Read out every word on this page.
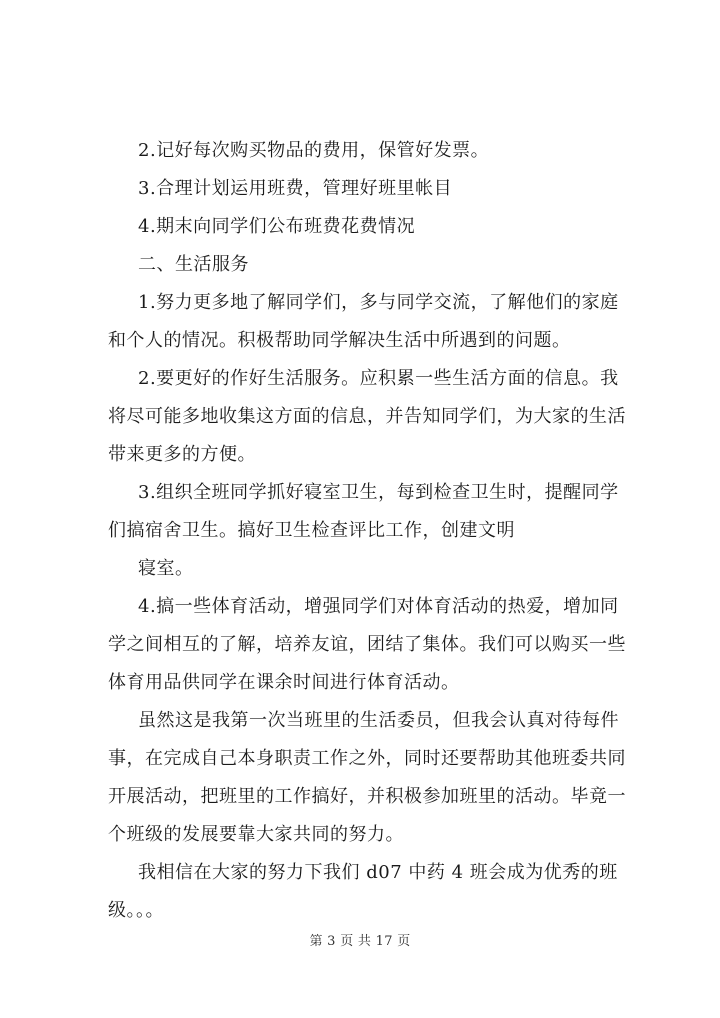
2.记好每次购买物品的费用，保管好发票。

3.合理计划运用班费，管理好班里帐目

4.期末向同学们公布班费花费情况

二、生活服务

1.努力更多地了解同学们，多与同学交流，了解他们的家庭

和个人的情况。积极帮助同学解决生活中所遇到的问题。

2.要更好的作好生活服务。应积累一些生活方面的信息。我

将尽可能多地收集这方面的信息，并告知同学们，为大家的生活

带来更多的方便。

3.组织全班同学抓好寝室卫生，每到检查卫生时，提醒同学

们搞宿舍卫生。搞好卫生检查评比工作，创建文明

寝室。

4.搞一些体育活动，增强同学们对体育活动的热爱，增加同

学之间相互的了解，培养友谊，团结了集体。我们可以购买一些

体育用品供同学在课余时间进行体育活动。

虽然这是我第一次当班里的生活委员，但我会认真对待每件

事，在完成自己本身职责工作之外，同时还要帮助其他班委共同

开展活动，把班里的工作搞好，并积极参加班里的活动。毕竟一

个班级的发展要靠大家共同的努力。

我相信在大家的努力下我们 d07 中药 4 班会成为优秀的班

级。。。

第 3 页 共 17 页
